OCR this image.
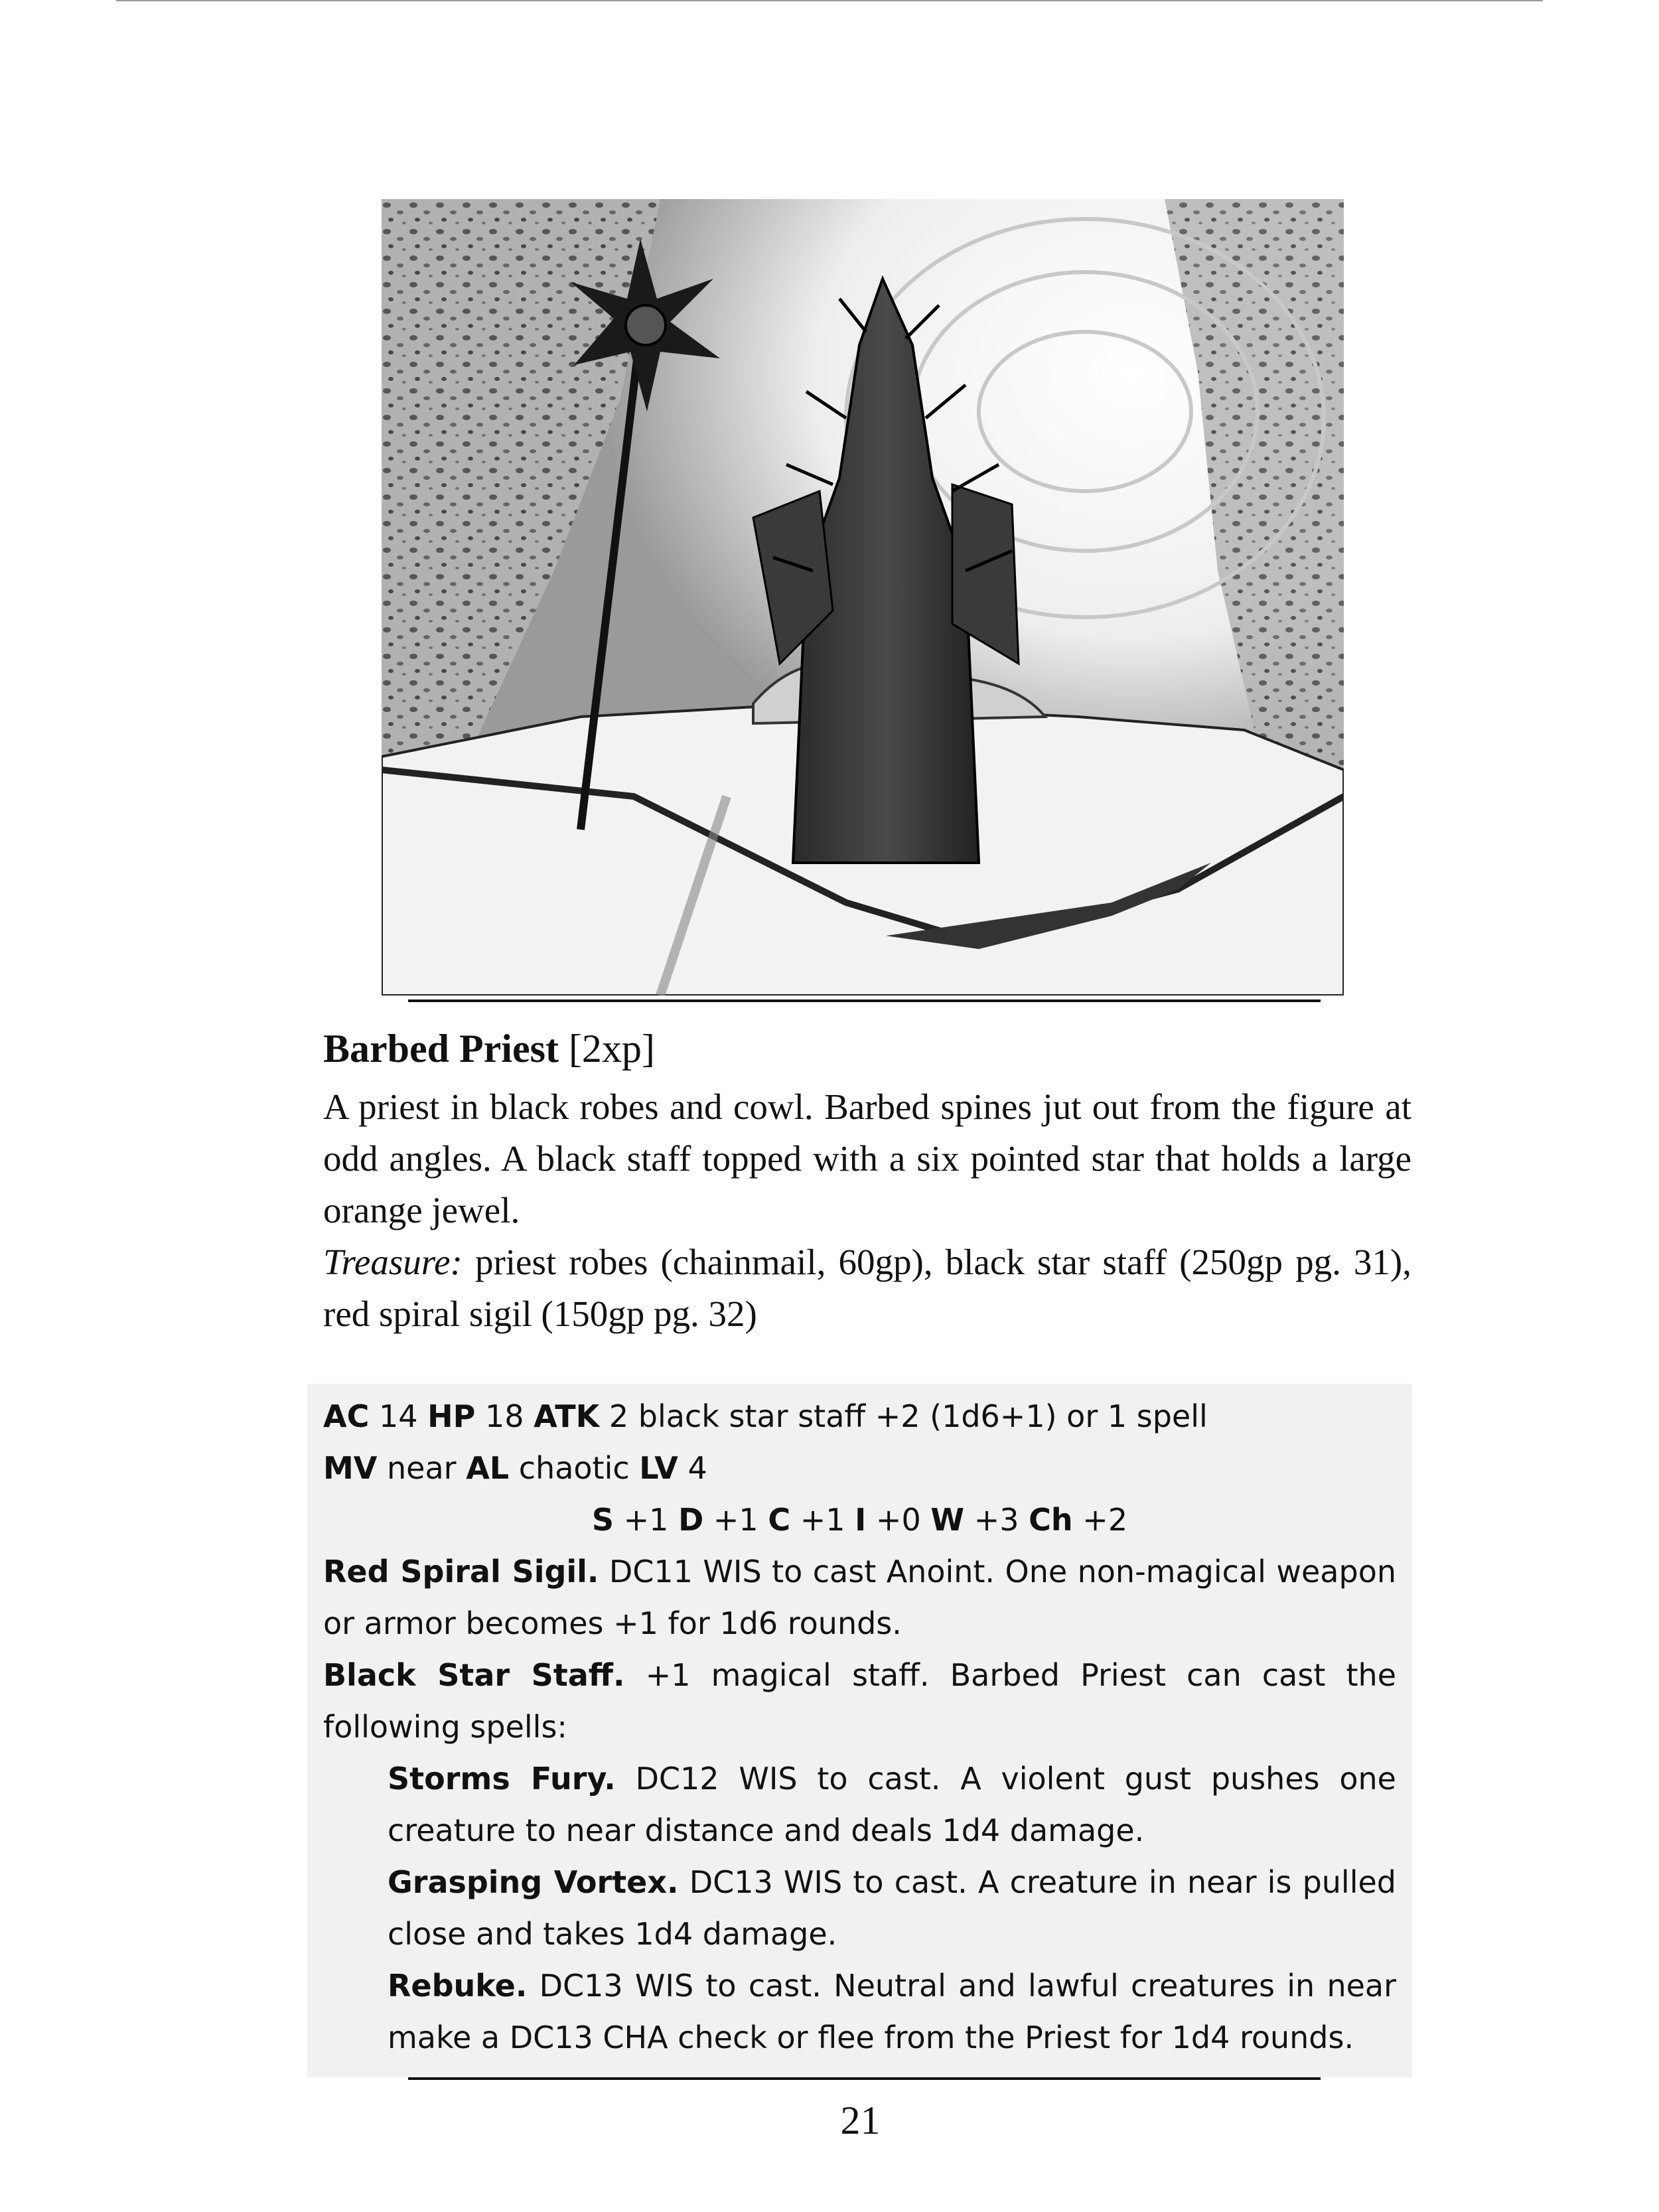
Barbed Priest [2xp]

A priest in black robes and cowl. Barbed spines jut out from the figure at odd angles. A black staff topped with a six pointed star that holds a large orange jewel.

Treasure: priest robes (chainmail, 60gp), black star staff (250gp pg. 31), red spiral sigil (150gp pg. 32)

AC 14 HP 18 ATK 2 black star staff +2 (1d6+1) or 1 spell
MV near AL chaotic LV 4
S +1 D +1 C +1 I +0 W +3 Ch +2
Red Spiral Sigil. DC11 WIS to cast Anoint. One non-magical weapon or armor becomes +1 for 1d6 rounds.
Black Star Staff. +1 magical staff. Barbed Priest can cast the following spells:
Storms Fury. DC12 WIS to cast. A violent gust pushes one creature to near distance and deals 1d4 damage.
Grasping Vortex. DC13 WIS to cast. A creature in near is pulled close and takes 1d4 damage.
Rebuke. DC13 WIS to cast. Neutral and lawful creatures in near make a DC13 CHA check or flee from the Priest for 1d4 rounds.
21
